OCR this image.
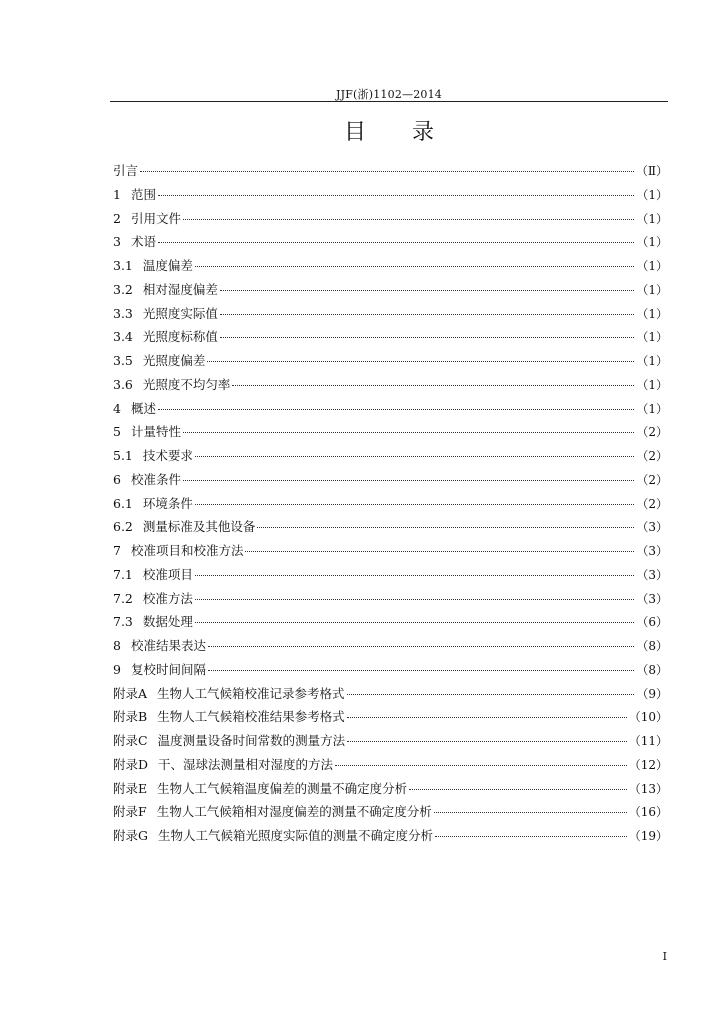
JJF(浙)1102—2014
目录
引言	（Ⅱ）
1 范围	（1）
2 引用文件	（1）
3 术语	（1）
3.1 温度偏差	（1）
3.2 相对湿度偏差	（1）
3.3 光照度实际值	（1）
3.4 光照度标称值	（1）
3.5 光照度偏差	（1）
3.6 光照度不均匀率	（1）
4 概述	（1）
5 计量特性	（2）
5.1 技术要求	（2）
6 校准条件	（2）
6.1 环境条件	（2）
6.2 测量标准及其他设备	（3）
7 校准项目和校准方法	（3）
7.1 校准项目	（3）
7.2 校准方法	（3）
7.3 数据处理	（6）
8 校准结果表达	（8）
9 复校时间间隔	（8）
附录A 生物人工气候箱校准记录参考格式	（9）
附录B 生物人工气候箱校准结果参考格式	（10）
附录C 温度测量设备时间常数的测量方法	（11）
附录D 干、湿球法测量相对湿度的方法	（12）
附录E 生物人工气候箱温度偏差的测量不确定度分析	（13）
附录F 生物人工气候箱相对湿度偏差的测量不确定度分析	（16）
附录G 生物人工气候箱光照度实际值的测量不确定度分析	（19）
I
